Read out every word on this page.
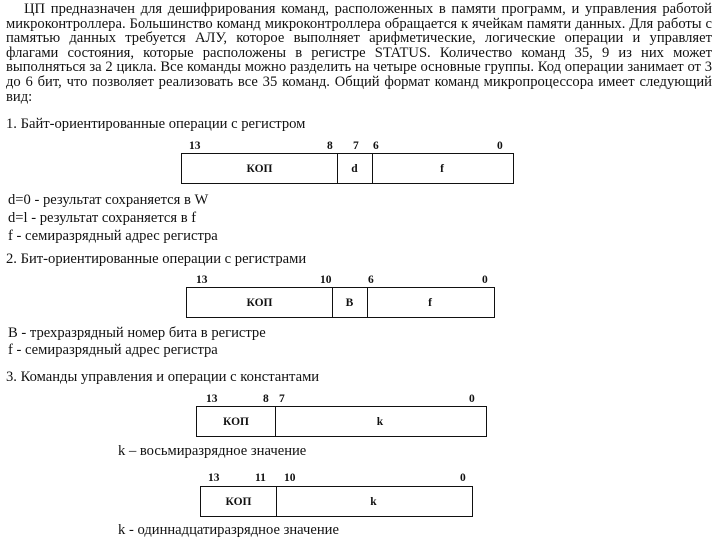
ЦП предназначен для дешифрирования команд, расположенных в памяти программ, и управления работой микроконтроллера. Большинство команд микроконтроллера обращается к ячейкам памяти данных. Для работы с памятью данных требуется АЛУ, которое выполняет арифметические, логические операции и управляет флагами состояния, которые расположены в регистре STATUS. Количество команд 35, 9 из них может выполняться за 2 цикла. Все команды можно разделить на четыре основные группы. Код операции занимает от 3 до 6 бит, что позволяет реализовать все 35 команд. Общий формат команд микропроцессора имеет следующий вид:
1. Байт-ориентированные операции с регистром
13	8 7 6	0
КОП	d	f
d=0 - результат сохраняется в W
d=l - результат сохраняется в f
f - семиразрядный адрес регистра
2. Бит-ориентированные операции с регистрами
13	10	6	0
КОП	B	f
B - трехразрядный номер бита в регистре
f - семиразрядный адрес регистра
3. Команды управления и операции с константами
13	8 7	0
КОП	k
k – восьмиразрядное значение
13	11 10	0
КОП	k
k - одиннадцатиразрядное значение
